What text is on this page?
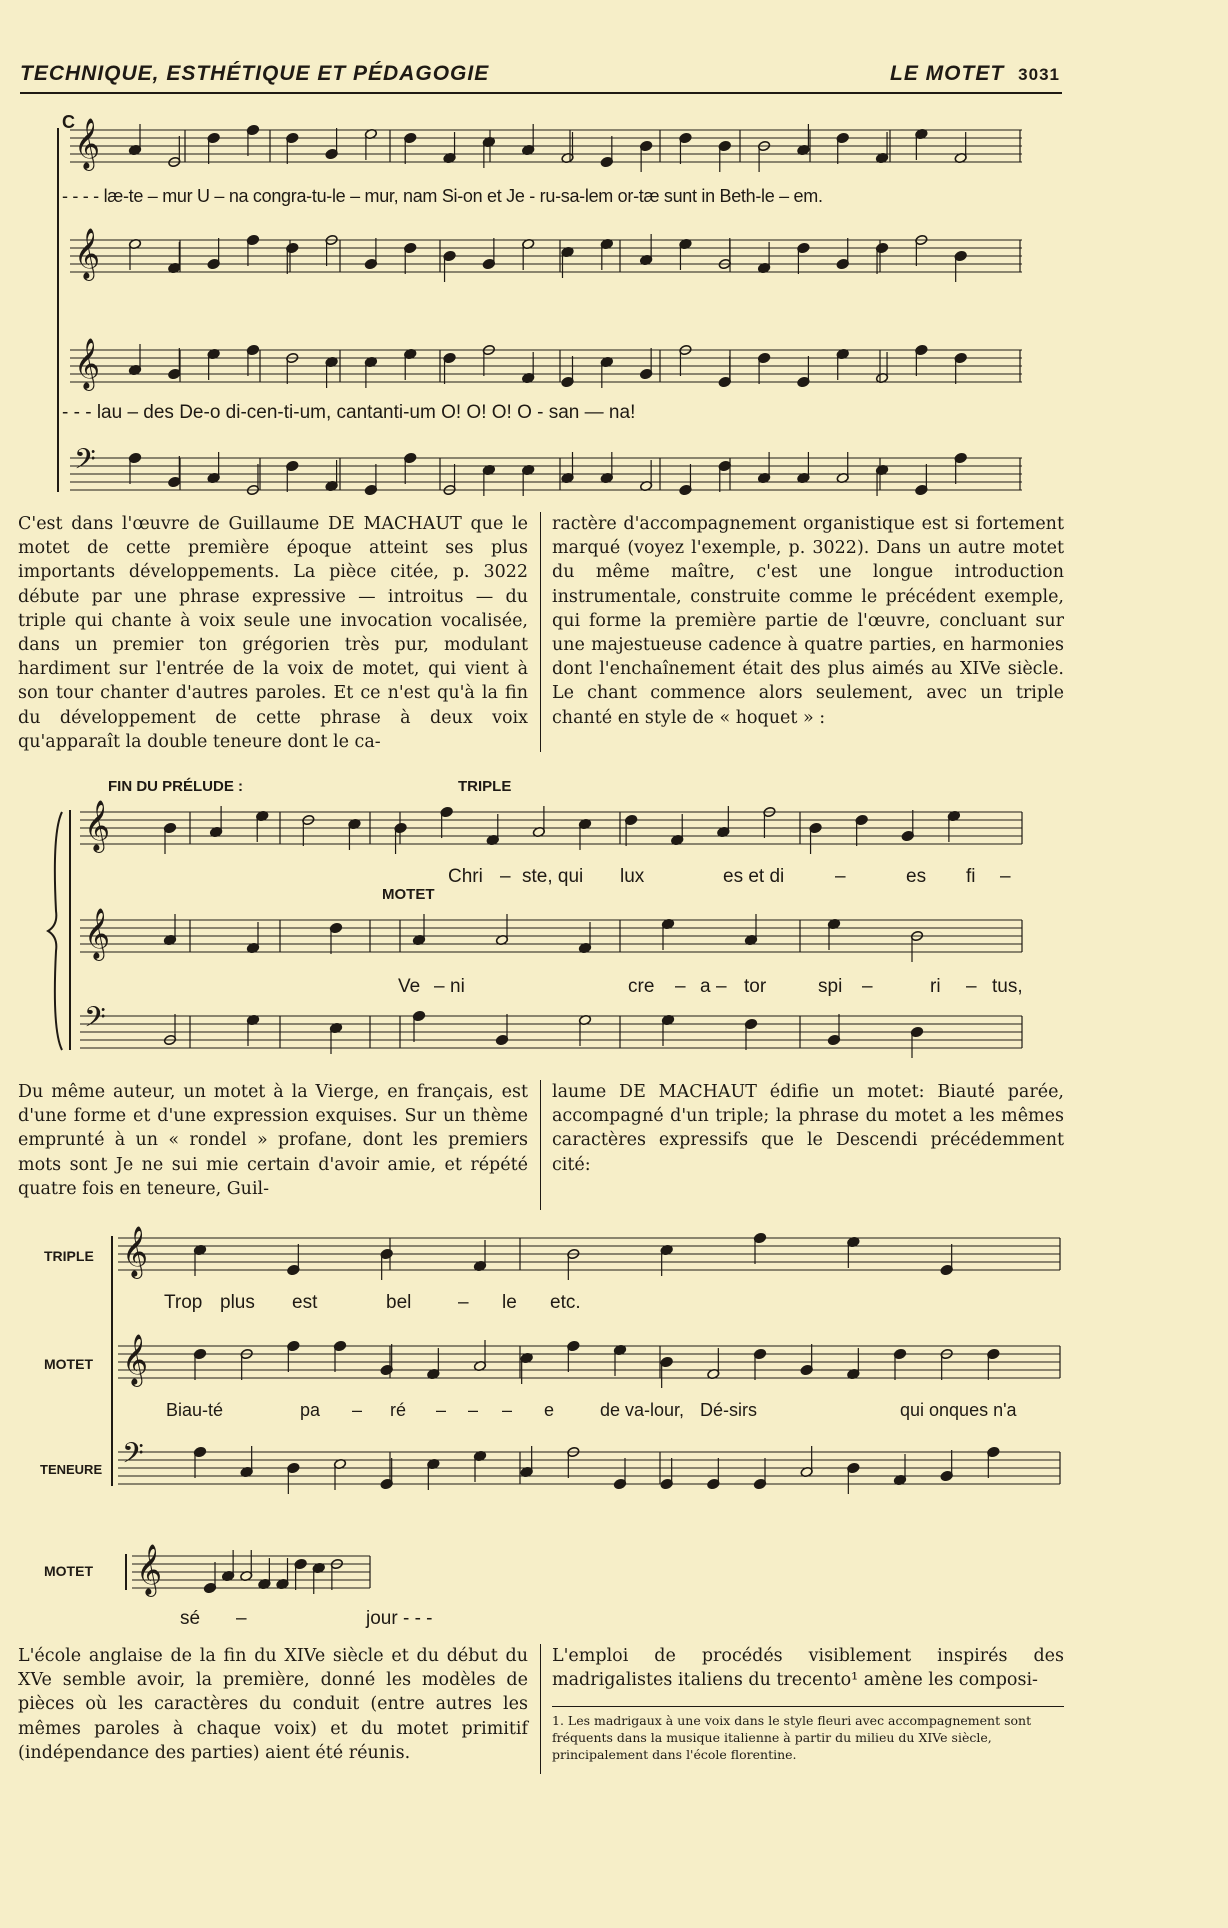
TECHNIQUE, ESTHÉTIQUE ET PÉDAGOGIE	LE MOTET 3031
𝄞
𝄞
𝄞
𝄢
𝄞
𝄞
𝄢
𝄞
𝄞
𝄢
𝄞
C
- - - - læ-te – mur U – na congra-tu-le – mur, nam Si-on et Je - ru-sa-lem or-tæ sunt in Beth-le – em.
- - - lau – des De-o di-cen-ti-um, cantanti-um O! O! O! O - san — na!

C'est dans l'œuvre de Guillaume DE MACHAUT que le motet de cette première époque atteint ses plus importants développements. La pièce citée, p. 3022 débute par une phrase expressive — introitus — du triple qui chante à voix seule une invocation vocalisée, dans un premier ton grégorien très pur, modulant hardiment sur l'entrée de la voix de motet, qui vient à son tour chanter d'autres paroles. Et ce n'est qu'à la fin du développement de cette phrase à deux voix qu'apparaît la double teneure dont le ca-

ractère d'accompagnement organistique est si fortement marqué (voyez l'exemple, p. 3022). Dans un autre motet du même maître, c'est une longue introduction instrumentale, construite comme le précédent exemple, qui forme la première partie de l'œuvre, concluant sur une majestueuse cadence à quatre parties, en harmonies dont l'enchaînement était des plus aimés au XIVe siècle. Le chant commence alors seulement, avec un triple chanté en style de « hoquet » :

FIN DU PRÉLUDE :	TRIPLE
MOTET
Chri – ste, qui lux	es et di	–	es fi –
Ve – ni	cre – a – tor	spi –	ri – tus,

Du même auteur, un motet à la Vierge, en français, est d'une forme et d'une expression exquises. Sur un thème emprunté à un « rondel » profane, dont les premiers mots sont Je ne sui mie certain d'avoir amie, et répété quatre fois en teneure, Guil-

laume DE MACHAUT édifie un motet: Biauté parée, accompagné d'un triple; la phrase du motet a les mêmes caractères expressifs que le Descendi précédemment cité:

TRIPLE
MOTET
TENEURE
Trop plus est	bel – le etc.
Biau-té	pa – ré – – – e	de va-lour, Dé-sirs	qui onques n'a
MOTET
sé –	jour - - -

L'école anglaise de la fin du XIVe siècle et du début du XVe semble avoir, la première, donné les modèles de pièces où les caractères du conduit (entre autres les mêmes paroles à chaque voix) et du motet primitif (indépendance des parties) aient été réunis.

L'emploi de procédés visiblement inspirés des madrigalistes italiens du trecento¹ amène les composi-

1. Les madrigaux à une voix dans le style fleuri avec accompagnement sont fréquents dans la musique italienne à partir du milieu du XIVe siècle, principalement dans l'école florentine.
